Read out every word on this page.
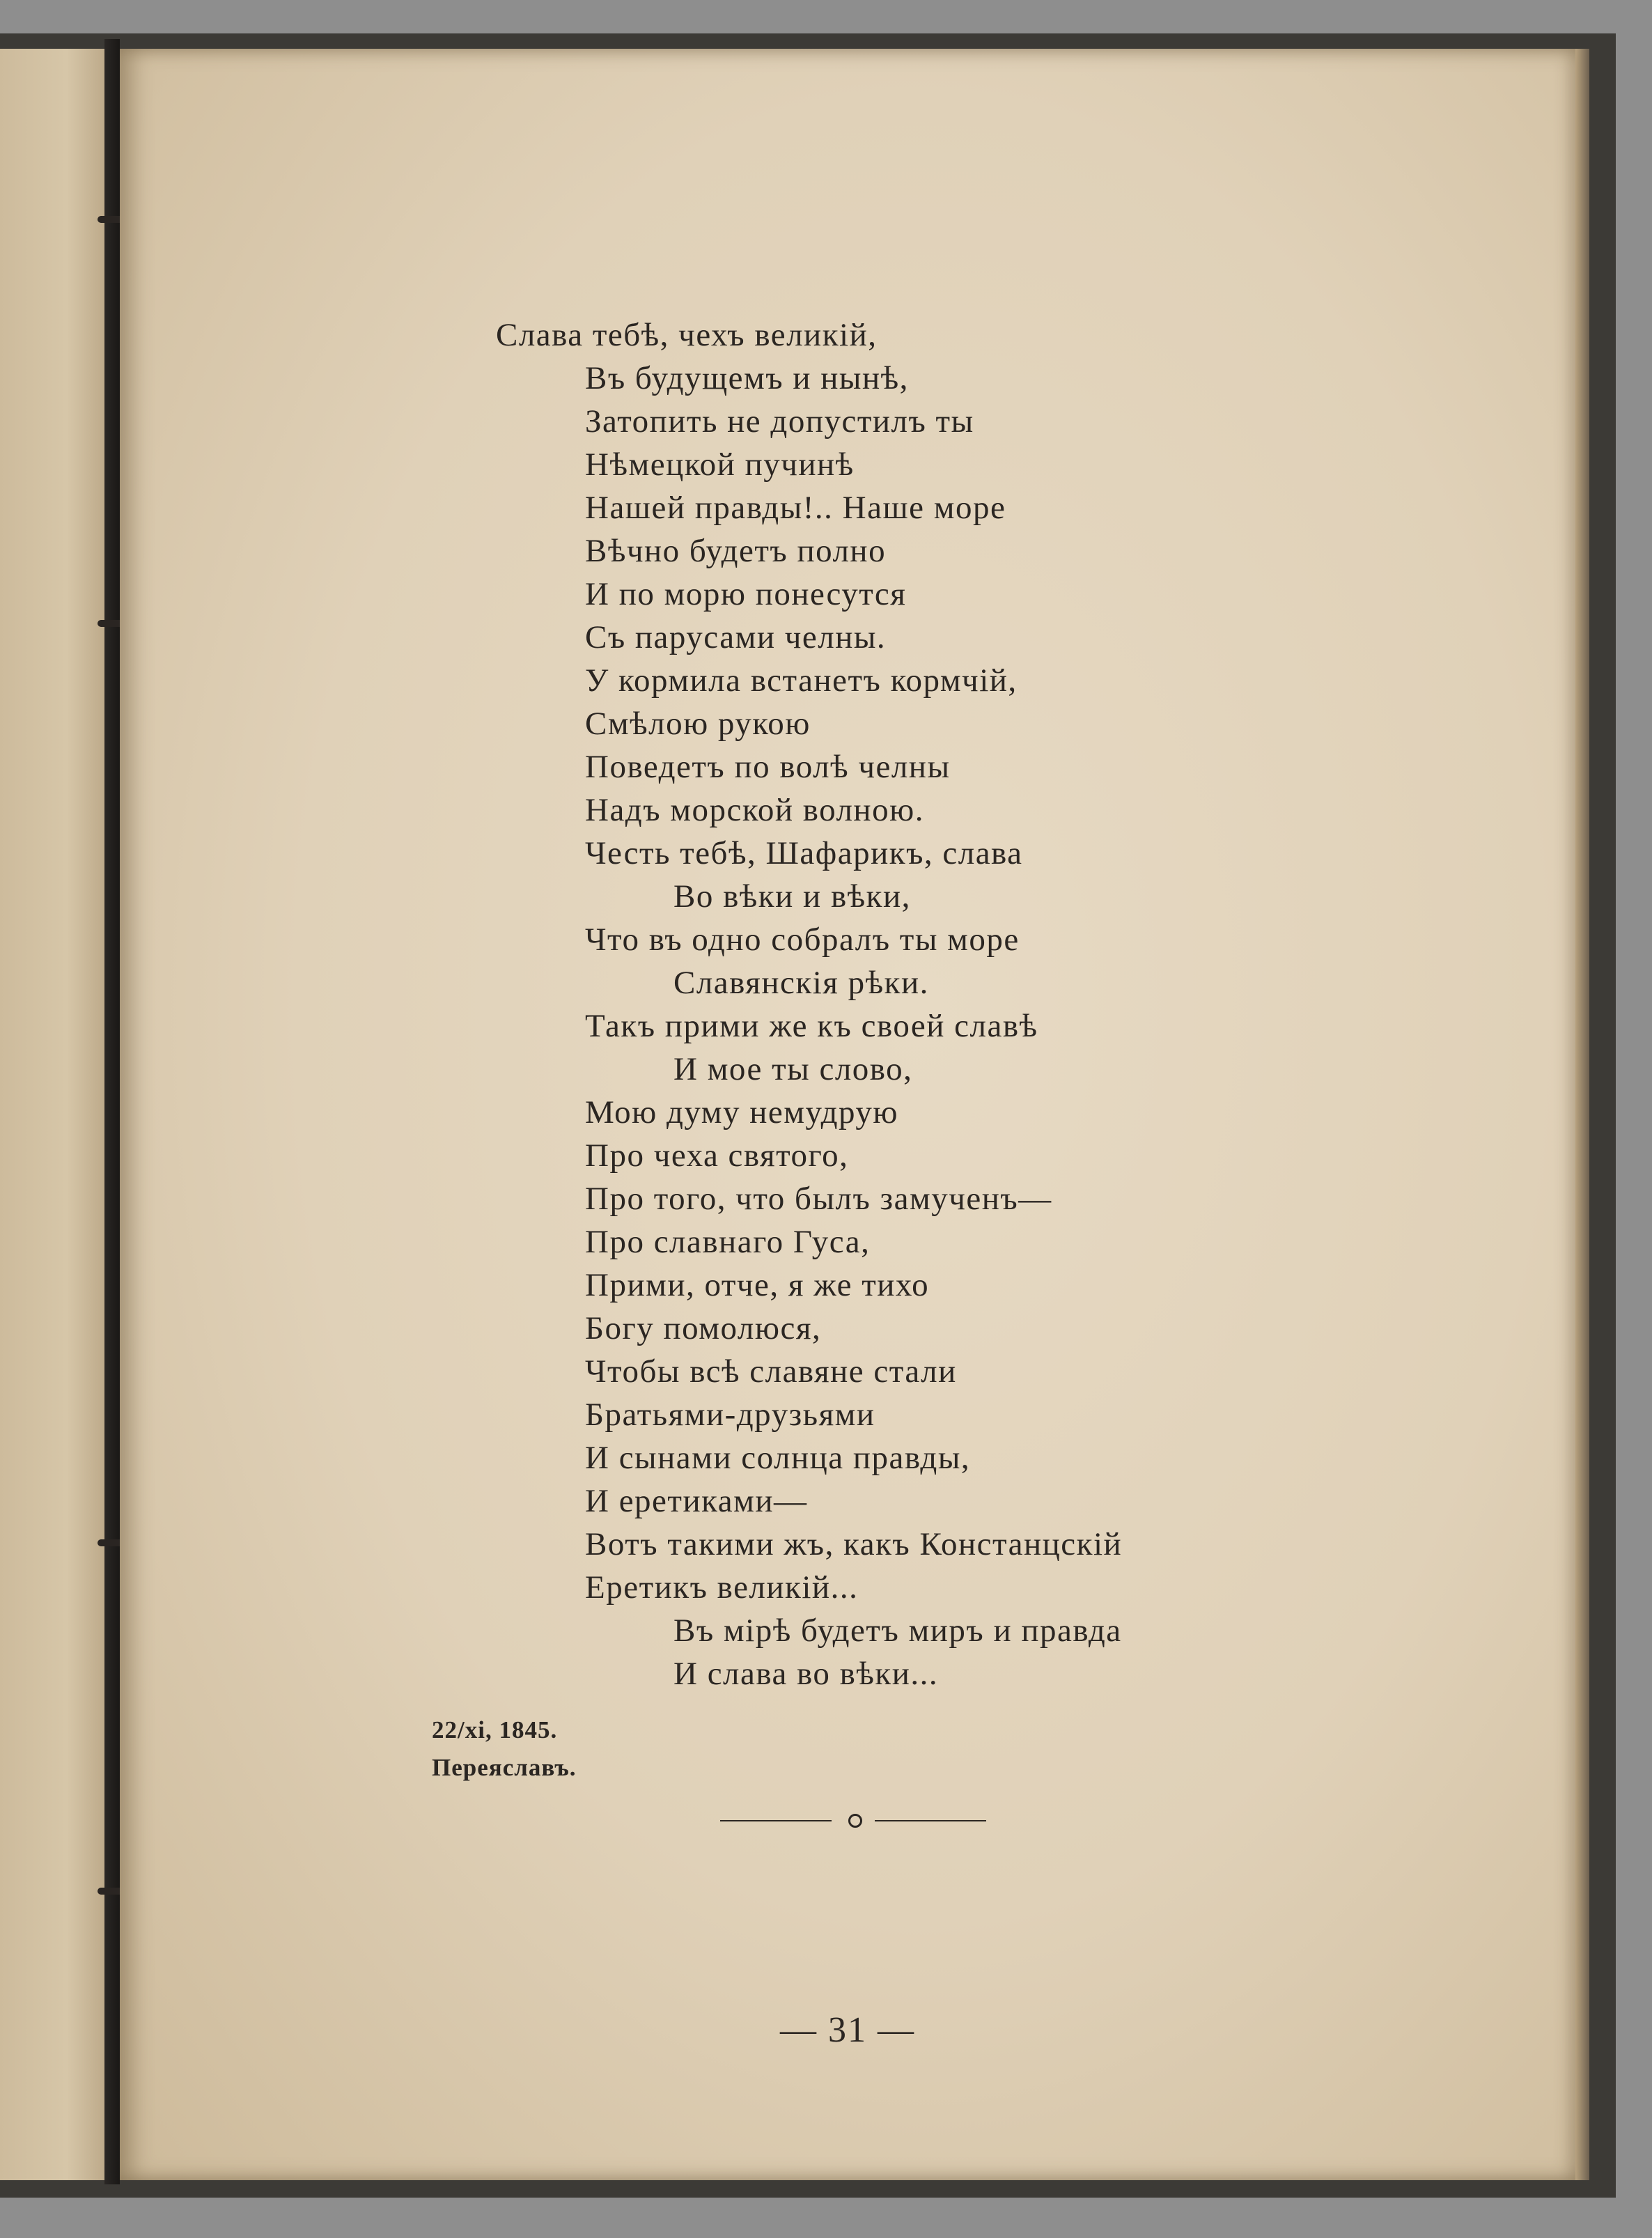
Слава тебѣ, чехъ великій,
Въ будущемъ и нынѣ,
Затопить не допустилъ ты
Нѣмецкой пучинѣ
Нашей правды!.. Наше море
Вѣчно будетъ полно
И по морю понесутся
Съ парусами челны.
У кормила встанетъ кормчій,
Смѣлою рукою
Поведетъ по волѣ челны
Надъ морской волною.
Честь тебѣ, Шафарикъ, слава
Во вѣки и вѣки,
Что въ одно собралъ ты море
Славянскія рѣки.
Такъ прими же къ своей славѣ
И мое ты слово,
Мою думу немудрую
Про чеха святого,
Про того, что былъ замученъ—
Про славнаго Гуса,
Прими, отче, я же тихо
Богу помолюся,
Чтобы всѣ славяне стали
Братьями-друзьями
И сынами солнца правды,
И еретиками—
Вотъ такими жъ, какъ Констанцскій
Еретикъ великій...
Въ мірѣ будетъ миръ и правда
И слава во вѣки...
22/xi, 1845.
Переяславъ.
— 31 —
